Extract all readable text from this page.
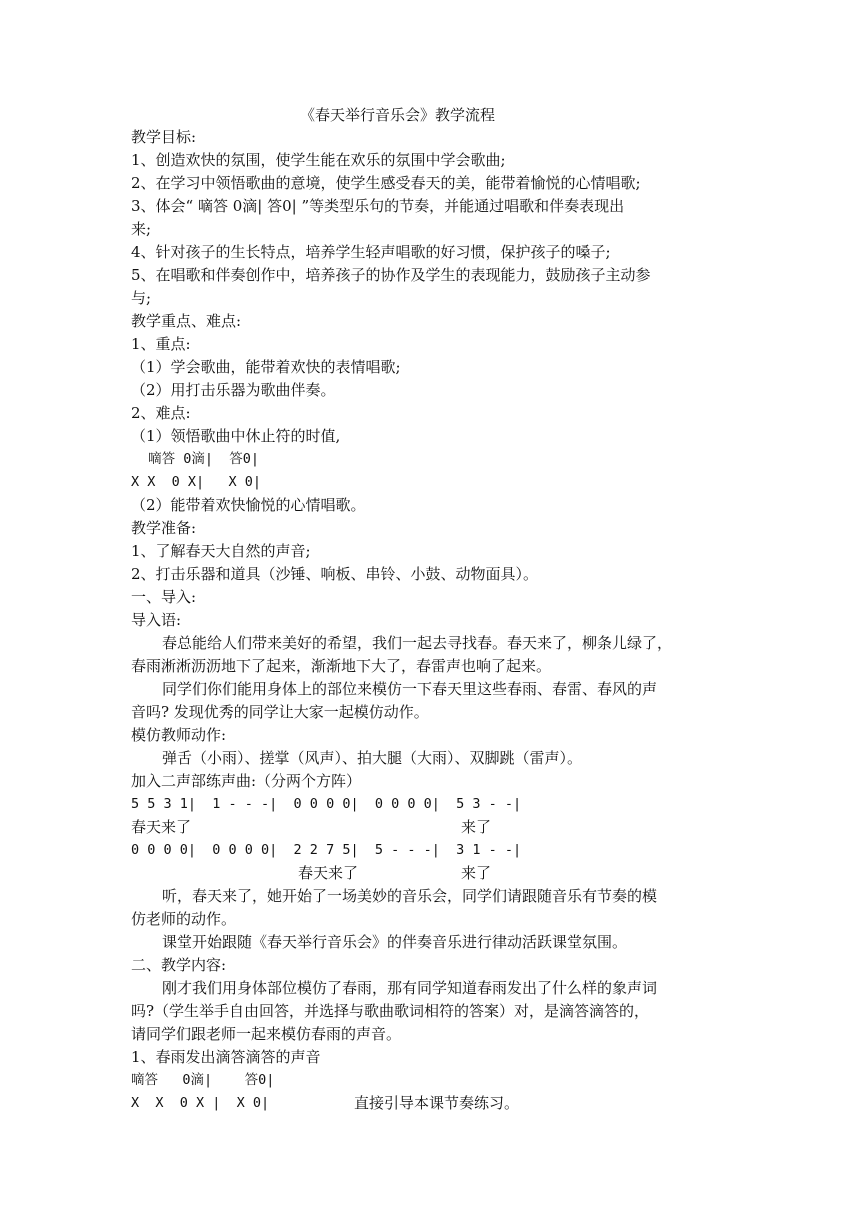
《春天举行音乐会》教学流程
教学目标:
1、创造欢快的氛围，使学生能在欢乐的氛围中学会歌曲;
2、在学习中领悟歌曲的意境，使学生感受春天的美，能带着愉悦的心情唱歌;
3、体会“ 嘀答 0滴| 答0| ”等类型乐句的节奏，并能通过唱歌和伴奏表现出
来;
4、针对孩子的生长特点，培养学生轻声唱歌的好习惯，保护孩子的嗓子;
5、在唱歌和伴奏创作中，培养孩子的协作及学生的表现能力，鼓励孩子主动参
与;
教学重点、难点:
1、重点:
（1）学会歌曲，能带着欢快的表情唱歌;
（2）用打击乐器为歌曲伴奏。
2、难点:
（1）领悟歌曲中休止符的时值,
嘀答 0滴|  答0|
X X  0 X|   X 0|
（2）能带着欢快愉悦的心情唱歌。
教学准备:
1、了解春天大自然的声音;
2、打击乐器和道具（沙锤、响板、串铃、小鼓、动物面具）。
一、导入:
导入语:
春总能给人们带来美好的希望，我们一起去寻找春。春天来了，柳条儿绿了，
春雨淅淅沥沥地下了起来，渐渐地下大了，春雷声也响了起来。
同学们你们能用身体上的部位来模仿一下春天里这些春雨、春雷、春风的声
音吗? 发现优秀的同学让大家一起模仿动作。
模仿教师动作:
弹舌（小雨）、搓掌（风声）、拍大腿（大雨）、双脚跳（雷声）。
加入二声部练声曲:（分两个方阵）
5 5 3 1|  1 - - -|  0 0 0 0|  0 0 0 0|  5 3 - -|

春天来了

	来了

0 0 0 0|  0 0 0 0|  2 2 7 5|  5 - - -|  3 1 - -|

春天来了

	来了

听，春天来了，她开始了一场美妙的音乐会，同学们请跟随音乐有节奏的模
仿老师的动作。
课堂开始跟随《春天举行音乐会》的伴奏音乐进行律动活跃课堂氛围。
二、教学内容:
刚才我们用身体部位模仿了春雨，那有同学知道春雨发出了什么样的象声词
吗?（学生举手自由回答，并选择与歌曲歌词相符的答案）对，是滴答滴答的，
请同学们跟老师一起来模仿春雨的声音。
1、春雨发出滴答滴答的声音
嘀答   0滴|    答0|

X  X  0 X |  X 0|

	直接引导本课节奏练习。
